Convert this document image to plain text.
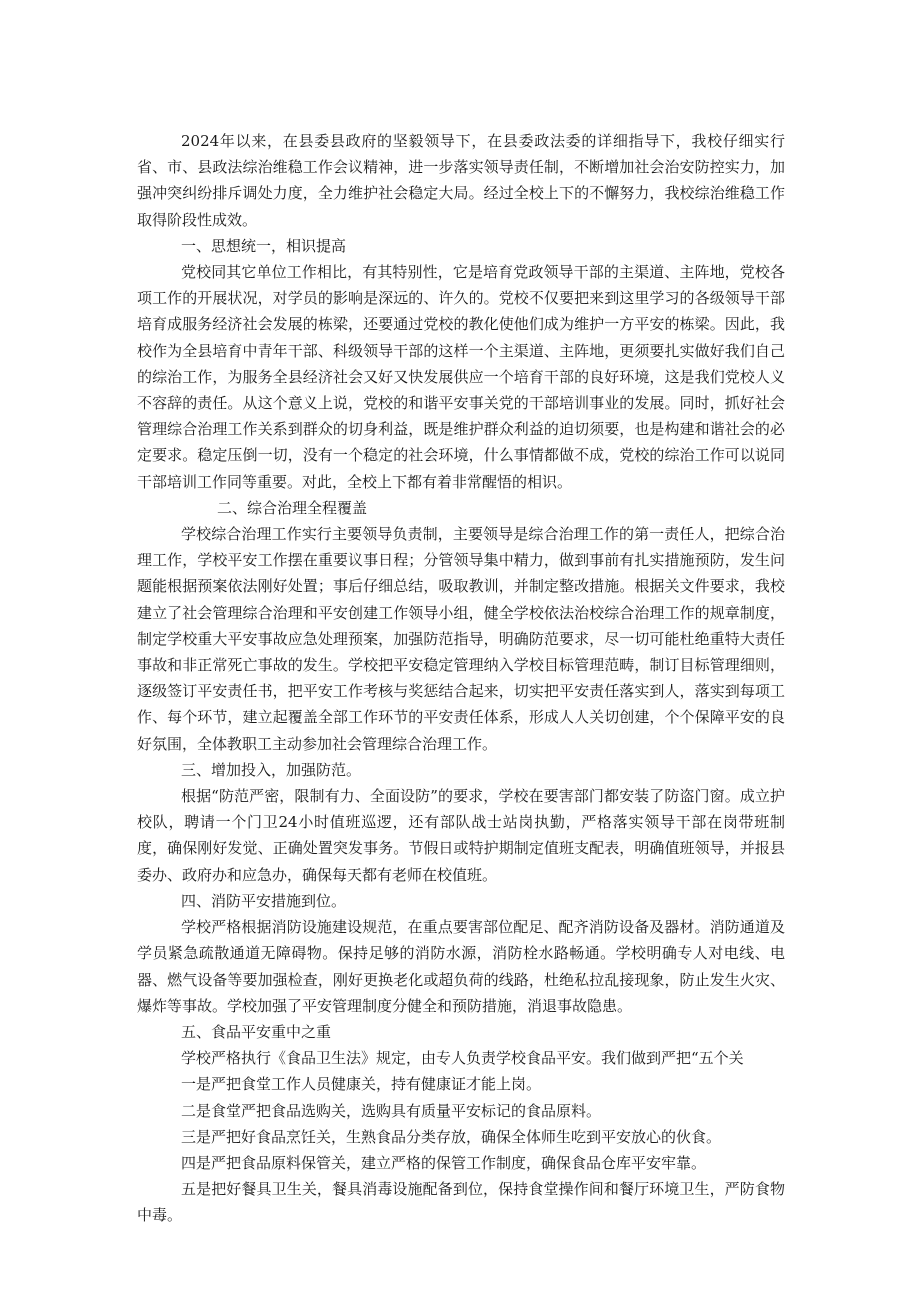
2024年以来，在县委县政府的坚毅领导下，在县委政法委的详细指导下，我校仔细实行省、市、县政法综治维稳工作会议精神，进一步落实领导责任制，不断增加社会治安防控实力，加强冲突纠纷排斥调处力度，全力维护社会稳定大局。经过全校上下的不懈努力，我校综治维稳工作取得阶段性成效。

一、思想统一，相识提高

党校同其它单位工作相比，有其特别性，它是培育党政领导干部的主渠道、主阵地，党校各项工作的开展状况，对学员的影响是深远的、许久的。党校不仅要把来到这里学习的各级领导干部培育成服务经济社会发展的栋梁，还要通过党校的教化使他们成为维护一方平安的栋梁。因此，我校作为全县培育中青年干部、科级领导干部的这样一个主渠道、主阵地，更须要扎实做好我们自己的综治工作，为服务全县经济社会又好又快发展供应一个培育干部的良好环境，这是我们党校人义不容辞的责任。从这个意义上说，党校的和谐平安事关党的干部培训事业的发展。同时，抓好社会管理综合治理工作关系到群众的切身利益，既是维护群众利益的迫切须要，也是构建和谐社会的必定要求。稳定压倒一切，没有一个稳定的社会环境，什么事情都做不成，党校的综治工作可以说同干部培训工作同等重要。对此，全校上下都有着非常醒悟的相识。

二、综合治理全程覆盖

学校综合治理工作实行主要领导负责制，主要领导是综合治理工作的第一责任人，把综合治理工作，学校平安工作摆在重要议事日程；分管领导集中精力，做到事前有扎实措施预防，发生问题能根据预案依法刚好处置；事后仔细总结，吸取教训，并制定整改措施。根据关文件要求，我校建立了社会管理综合治理和平安创建工作领导小组，健全学校依法治校综合治理工作的规章制度，制定学校重大平安事故应急处理预案，加强防范指导，明确防范要求，尽一切可能杜绝重特大责任事故和非正常死亡事故的发生。学校把平安稳定管理纳入学校目标管理范畴，制订目标管理细则，逐级签订平安责任书，把平安工作考核与奖惩结合起来，切实把平安责任落实到人，落实到每项工作、每个环节，建立起覆盖全部工作环节的平安责任体系，形成人人关切创建，个个保障平安的良好氛围，全体教职工主动参加社会管理综合治理工作。

三、增加投入，加强防范。

根据“防范严密，限制有力、全面设防”的要求，学校在要害部门都安装了防盗门窗。成立护校队，聘请一个门卫24小时值班巡逻，还有部队战士站岗执勤，严格落实领导干部在岗带班制度，确保刚好发觉、正确处置突发事务。节假日或特护期制定值班支配表，明确值班领导，并报县委办、政府办和应急办，确保每天都有老师在校值班。

四、消防平安措施到位。

学校严格根据消防设施建设规范，在重点要害部位配足、配齐消防设备及器材。消防通道及学员紧急疏散通道无障碍物。保持足够的消防水源，消防栓水路畅通。学校明确专人对电线、电器、燃气设备等要加强检查，刚好更换老化或超负荷的线路，杜绝私拉乱接现象，防止发生火灾、爆炸等事故。学校加强了平安管理制度分健全和预防措施，消退事故隐患。

五、食品平安重中之重

学校严格执行《食品卫生法》规定，由专人负责学校食品平安。我们做到严把“五个关

一是严把食堂工作人员健康关，持有健康证才能上岗。

二是食堂严把食品选购关，选购具有质量平安标记的食品原料。

三是严把好食品烹饪关，生熟食品分类存放，确保全体师生吃到平安放心的伙食。

四是严把食品原料保管关，建立严格的保管工作制度，确保食品仓库平安牢靠。

五是把好餐具卫生关，餐具消毒设施配备到位，保持食堂操作间和餐厅环境卫生，严防食物中毒。
